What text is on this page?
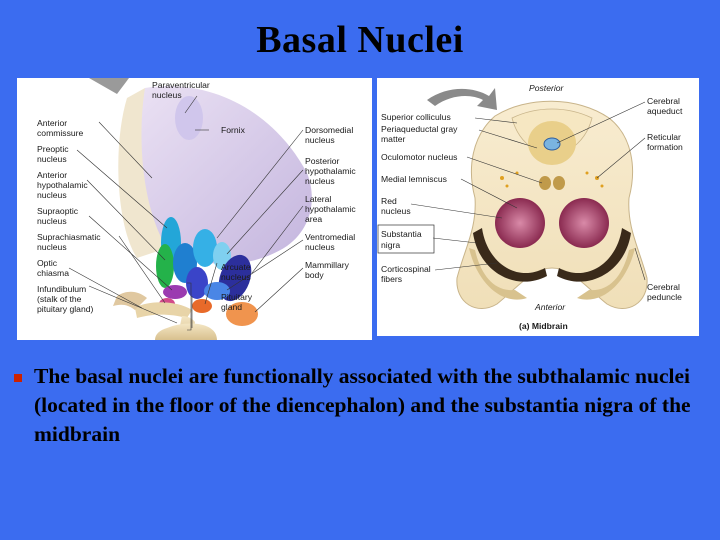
Basal Nuclei
Paraventricular nucleus
Anterior commissure
Preoptic nucleus
Anterior hypothalamic nucleus
Supraoptic nucleus
Suprachiasmatic nucleus
Optic chiasma
Infundibulum (stalk of the pituitary gland)
Fornix	Dorsomedial nucleus
Posterior hypothalamic nucleus
Lateral hypothalamic area
Ventromedial nucleus
Mammillary body
Arcuate nucleus
Pituitary gland
Posterior
Superior colliculus
Periaqueductal gray matter
Oculomotor nucleus
Medial lemniscus
Red nucleus
Substantia nigra
Corticospinal fibers
Cerebral aqueduct
Reticular formation
Cerebral peduncle
Anterior
(a) Midbrain
The basal nuclei are functionally associated with the subthalamic nuclei (located in the floor of the diencephalon) and the substantia nigra of the midbrain
